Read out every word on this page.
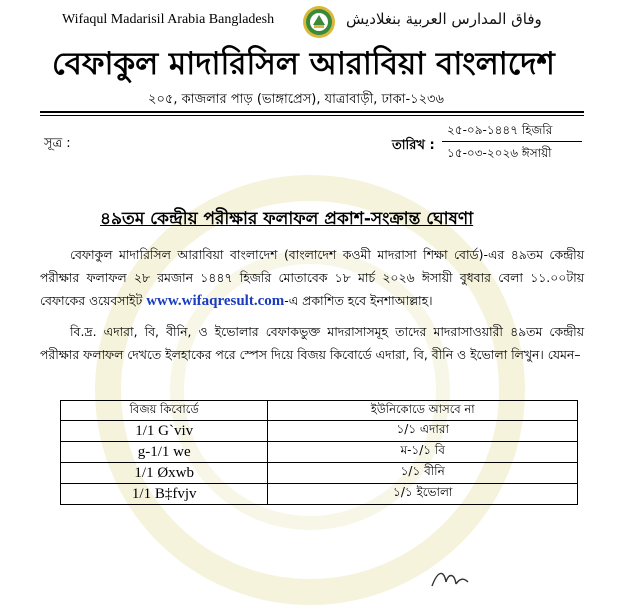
Wifaqul Madarisil Arabia Bangladesh	وفاق المدارس العربية بنغلاديش
বেফাকুল মাদারিসিল আরাবিয়া বাংলাদেশ
২০৫, কাজলার পাড় (ভাঙ্গাপ্রেস), যাত্রাবাড়ী, ঢাকা-১২৩৬
সূত্র :	তারিখ :
২৫-০৯-১৪৪৭ হিজরি
১৫-০৩-২০২৬ ঈসায়ী
৪৯তম কেন্দ্রীয় পরীক্ষার ফলাফল প্রকাশ-সংক্রান্ত ঘোষণা
বেফাকুল মাদারিসিল আরাবিয়া বাংলাদেশ (বাংলাদেশ কওমী মাদরাসা শিক্ষা বোর্ড)-এর ৪৯তম কেন্দ্রীয় পরীক্ষার ফলাফল ২৮ রমজান ১৪৪৭ হিজরি মোতাবেক ১৮ মার্চ ২০২৬ ঈসায়ী বুধবার বেলা ১১.০০টায় বেফাকের ওয়েবসাইট www.wifaqresult.com-এ প্রকাশিত হবে ইনশাআল্লাহ।
বি.দ্র. এদারা, বি, বীনি, ও ইভোলার বেফাকভুক্ত মাদরাসাসমূহ তাদের মাদরাসাওয়ারী ৪৯তম কেন্দ্রীয় পরীক্ষার ফলাফল দেখতে ইলহাকের পরে স্পেস দিয়ে বিজয় কিবোর্ডে এদারা, বি, বীনি ও ইভোলা লিখুন। যেমন–
বিজয় কিবোর্ডে	ইউনিকোডে আসবে না
1/1 G`viv	১/১ এদারা
g-1/1 we	ম-১/১ বি
1/1 Øxwb	১/১ বীনি
1/1 B‡fvjv	১/১ ইভোলা
